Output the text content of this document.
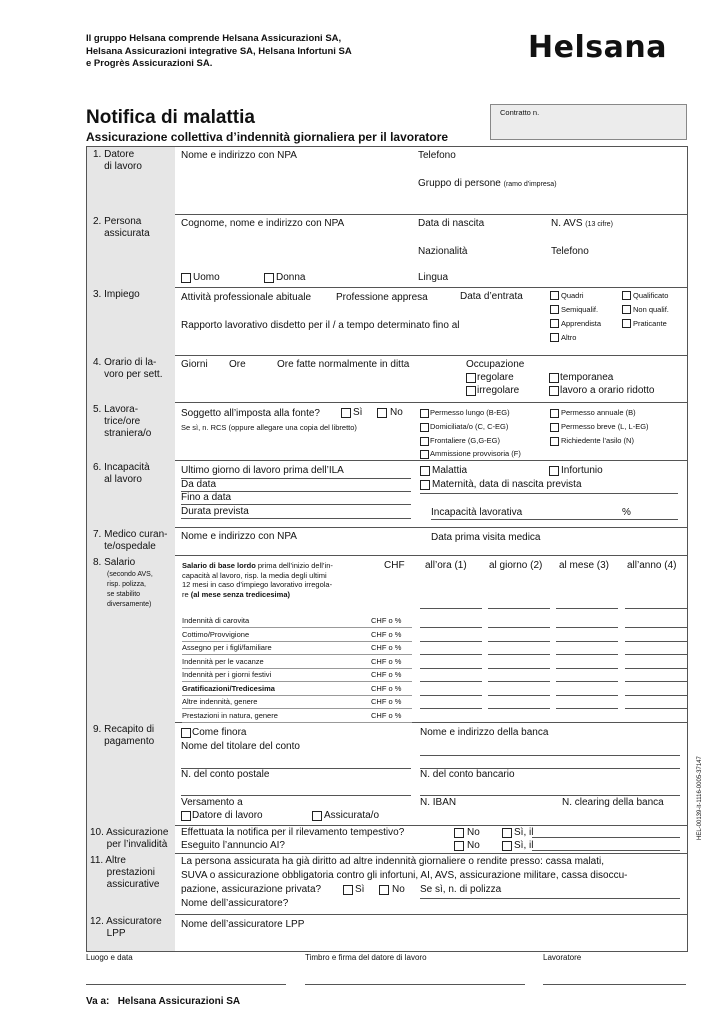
Il gruppo Helsana comprende Helsana Assicurazioni SA,
Helsana Assicurazioni integrative SA, Helsana Infortuni SA
e Progrès Assicurazioni SA.	Helsana
Notifica di malattia
Assicurazione collettiva d’indennità giornaliera per il lavoratore
Contratto n.
1. Datore
di lavoro
Nome e indirizzo con NPA	Telefono
Gruppo di persone (ramo d’impresa)
2. Persona
assicurata
Cognome, nome e indirizzo con NPA	Data di nascita	N. AVS (13 cifre)
Nazionalità	Telefono
Uomo	Donna	Lingua
3. Impiego	Attività professionale abituale Professione appresa	Data d’entrata
Rapporto lavorativo disdetto per il / a tempo determinato fino al
Quadri	Qualificato
Semiqualif.	Non qualif.
Apprendista	Praticante
Altro
4. Orario di la-
voro per sett.
Giorni Ore	Ore fatte normalmente in ditta	Occupazione
regolare	temporanea
irregolare	lavoro a orario ridotto
5. Lavora-
trice/ore
straniera/o
Soggetto all’imposta alla fonte?	Sì	No
Se sì, n. RCS (oppure allegare una copia del libretto)
Permesso lungo (B-EG)	Permesso annuale (B)
Domiciliata/o (C, C-EG)	Permesso breve (L, L-EG)
Frontaliere (G,G-EG)	Richiedente l’asilo (N)
Ammissione provvisoria (F)
6. Incapacità
al lavoro
Ultimo giorno di lavoro prima dell’ILA
Da data
Fino a data
Durata prevista
Malattia	Infortunio
Maternità, data di nascita prevista
Incapacità lavorativa	%
7. Medico curan-
te/ospedale
Nome e indirizzo con NPA	Data prima visita medica
8. Salario
(secondo AVS,
risp. polizza,
se stabilito
diversamente)
Salario di base lordo prima dell’inizio dell’in-
capacità al lavoro, risp. la media degli ultimi
12 mesi in caso d’impiego lavorativo irregola-
re (al mese senza tredicesima)
CHF all’ora (1) al giorno (2) al mese (3) all’anno (4)
Indennità di carovita	CHF o %
Cottimo/Provvigione	CHF o %
Assegno per i figli/familiare	CHF o %
Indennità per le vacanze	CHF o %
Indennità per i giorni festivi	CHF o %
Gratificazioni/Tredicesima	CHF o %
Altre indennità, genere	CHF o %
Prestazioni in natura, genere	CHF o %
9. Recapito di
pagamento
Come finora
Nome del titolare del conto
Nome e indirizzo della banca
N. del conto postale	N. del conto bancario
Versamento a
Datore di lavoro	Assicurata/o
N. IBAN	N. clearing della banca
10. Assicurazione
per l’invalidità
Effettuata la notifica per il rilevamento tempestivo?
Eseguito l’annuncio AI?
No	Sì, il
No	Sì, il
11. Altre
prestazioni
assicurative
La persona assicurata ha già diritto ad altre indennità giornaliere o rendite presso: cassa malati,
SUVA o assicurazione obbligatoria contro gli infortuni, AI, AVS, assicurazione militare, cassa disoccu-
pazione, assicurazione privata?	Sì	No Se sì, n. di polizza
Nome dell’assicuratore?
12. Assicuratore
LPP
Nome dell’assicuratore LPP
Luogo e data	Timbro e firma del datore di lavoro	Lavoratore
Va a: Helsana Assicurazioni SA
HEL-00139-it-1116-0005-37147
